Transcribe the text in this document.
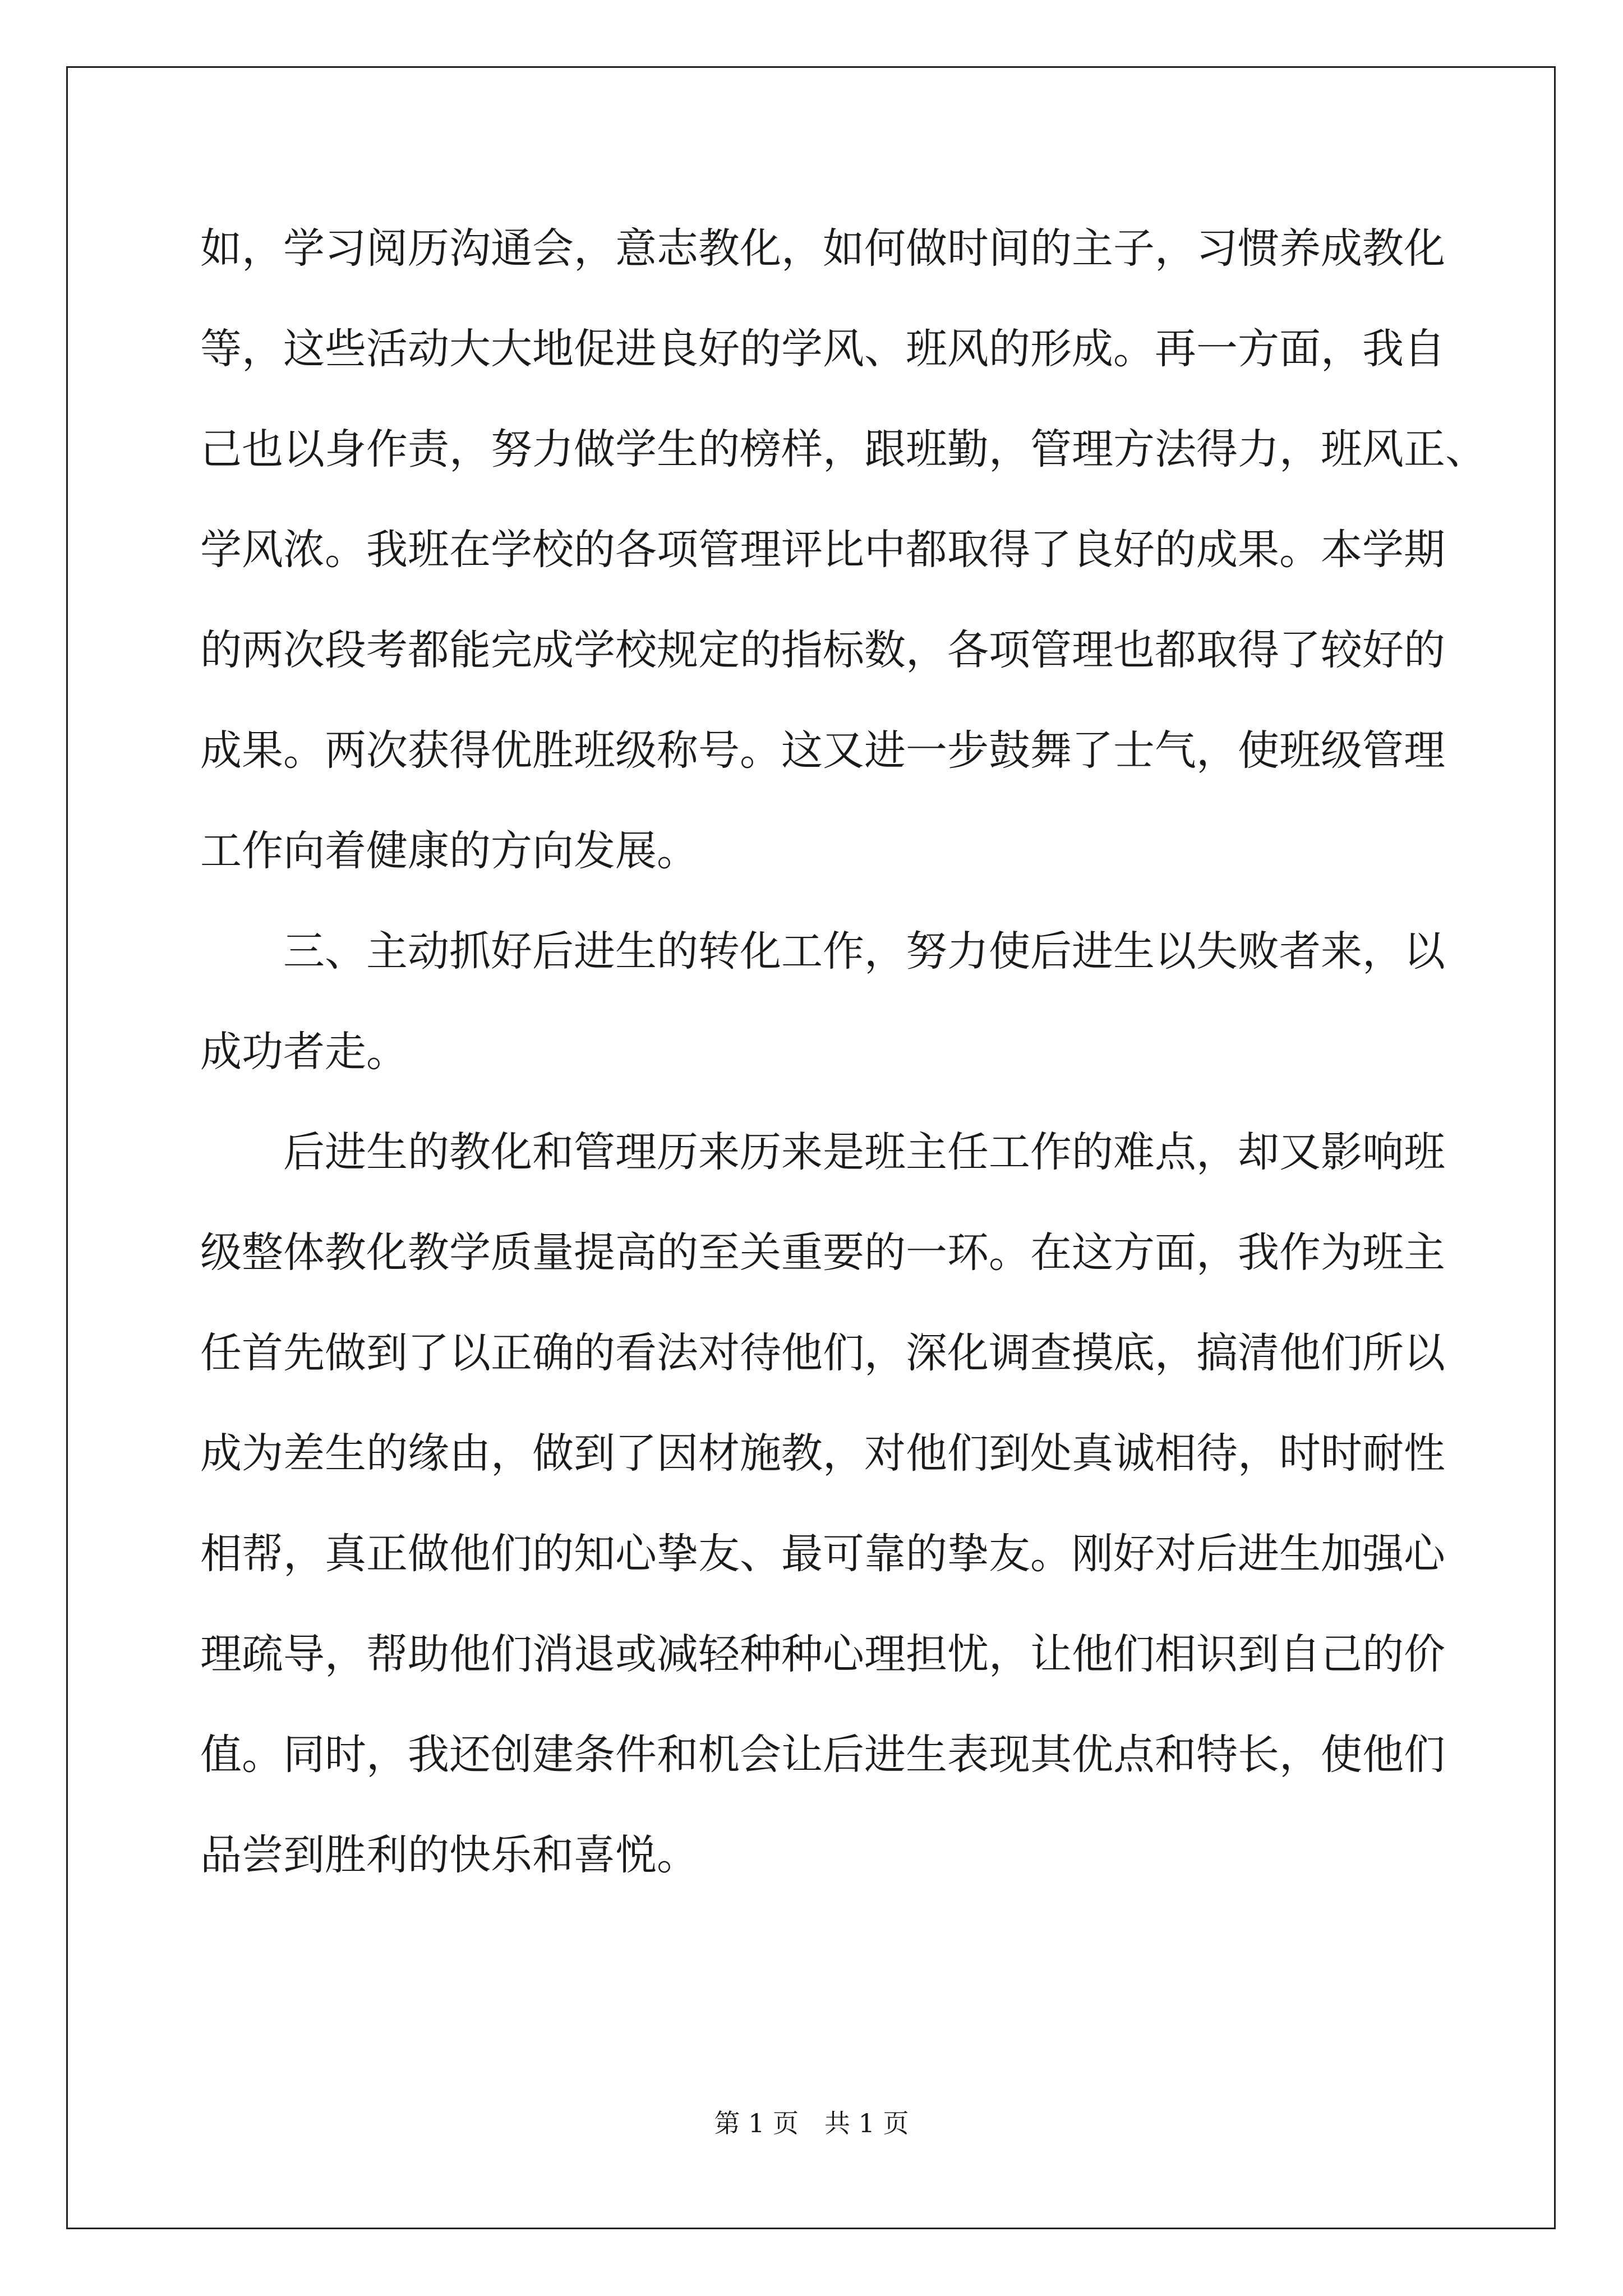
如，学习阅历沟通会，意志教化，如何做时间的主子，习惯养成教化
等，这些活动大大地促进良好的学风、班风的形成。再一方面，我自
己也以身作责，努力做学生的榜样，跟班勤，管理方法得力，班风正、
学风浓。我班在学校的各项管理评比中都取得了良好的成果。本学期
的两次段考都能完成学校规定的指标数，各项管理也都取得了较好的
成果。两次获得优胜班级称号。这又进一步鼓舞了士气，使班级管理
工作向着健康的方向发展。
三、主动抓好后进生的转化工作，努力使后进生以失败者来，以
成功者走。
后进生的教化和管理历来历来是班主任工作的难点，却又影响班
级整体教化教学质量提高的至关重要的一环。在这方面，我作为班主
任首先做到了以正确的看法对待他们，深化调查摸底，搞清他们所以
成为差生的缘由，做到了因材施教，对他们到处真诚相待，时时耐性
相帮，真正做他们的知心挚友、最可靠的挚友。刚好对后进生加强心
理疏导，帮助他们消退或减轻种种心理担忧，让他们相识到自己的价
值。同时，我还创建条件和机会让后进生表现其优点和特长，使他们
品尝到胜利的快乐和喜悦。
第 1 页 共 1 页
